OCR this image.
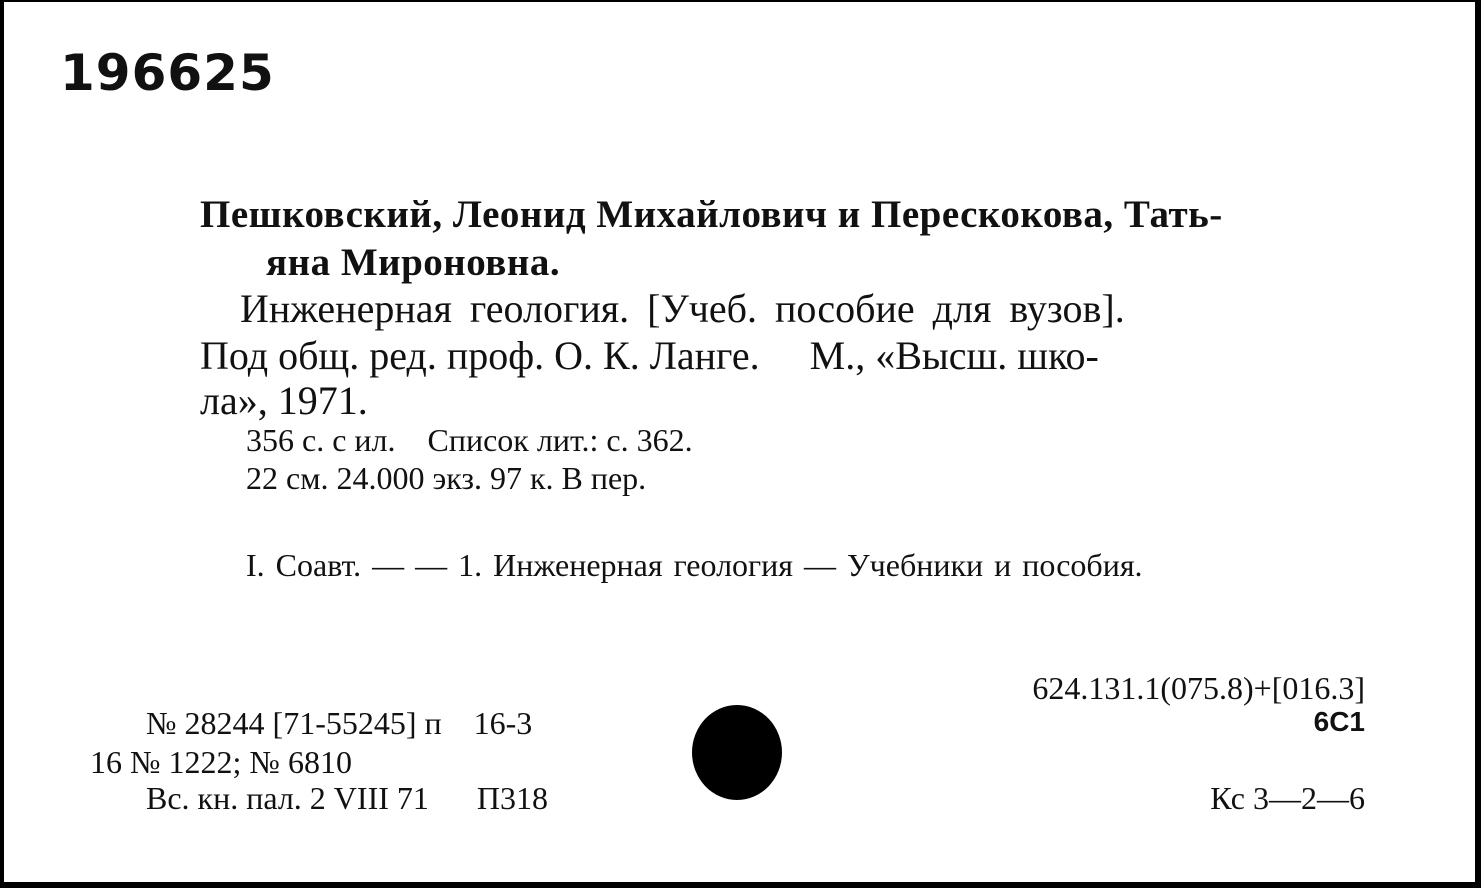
196625
Пешковский, Леонид Михайлович и Перескокова, Тать-
яна Мироновна.
Инженерная геология. [Учеб. пособие для вузов].
Под общ. ред. проф. О. К. Ланге.     М., «Высш. шко-
ла», 1971.
356 с. с ил.    Список лит.: с. 362.
22 см. 24.000 экз. 97 к. В пер.
I. Соавт. — — 1. Инженерная геология — Учебники и пособия.
624.131.1(075.8)+[016.3]
6С1
№ 28244 [71-55245] п    16-3
16 № 1222; № 6810
Вс. кн. пал. 2 VIII 71      П318	Кс 3—2—6
